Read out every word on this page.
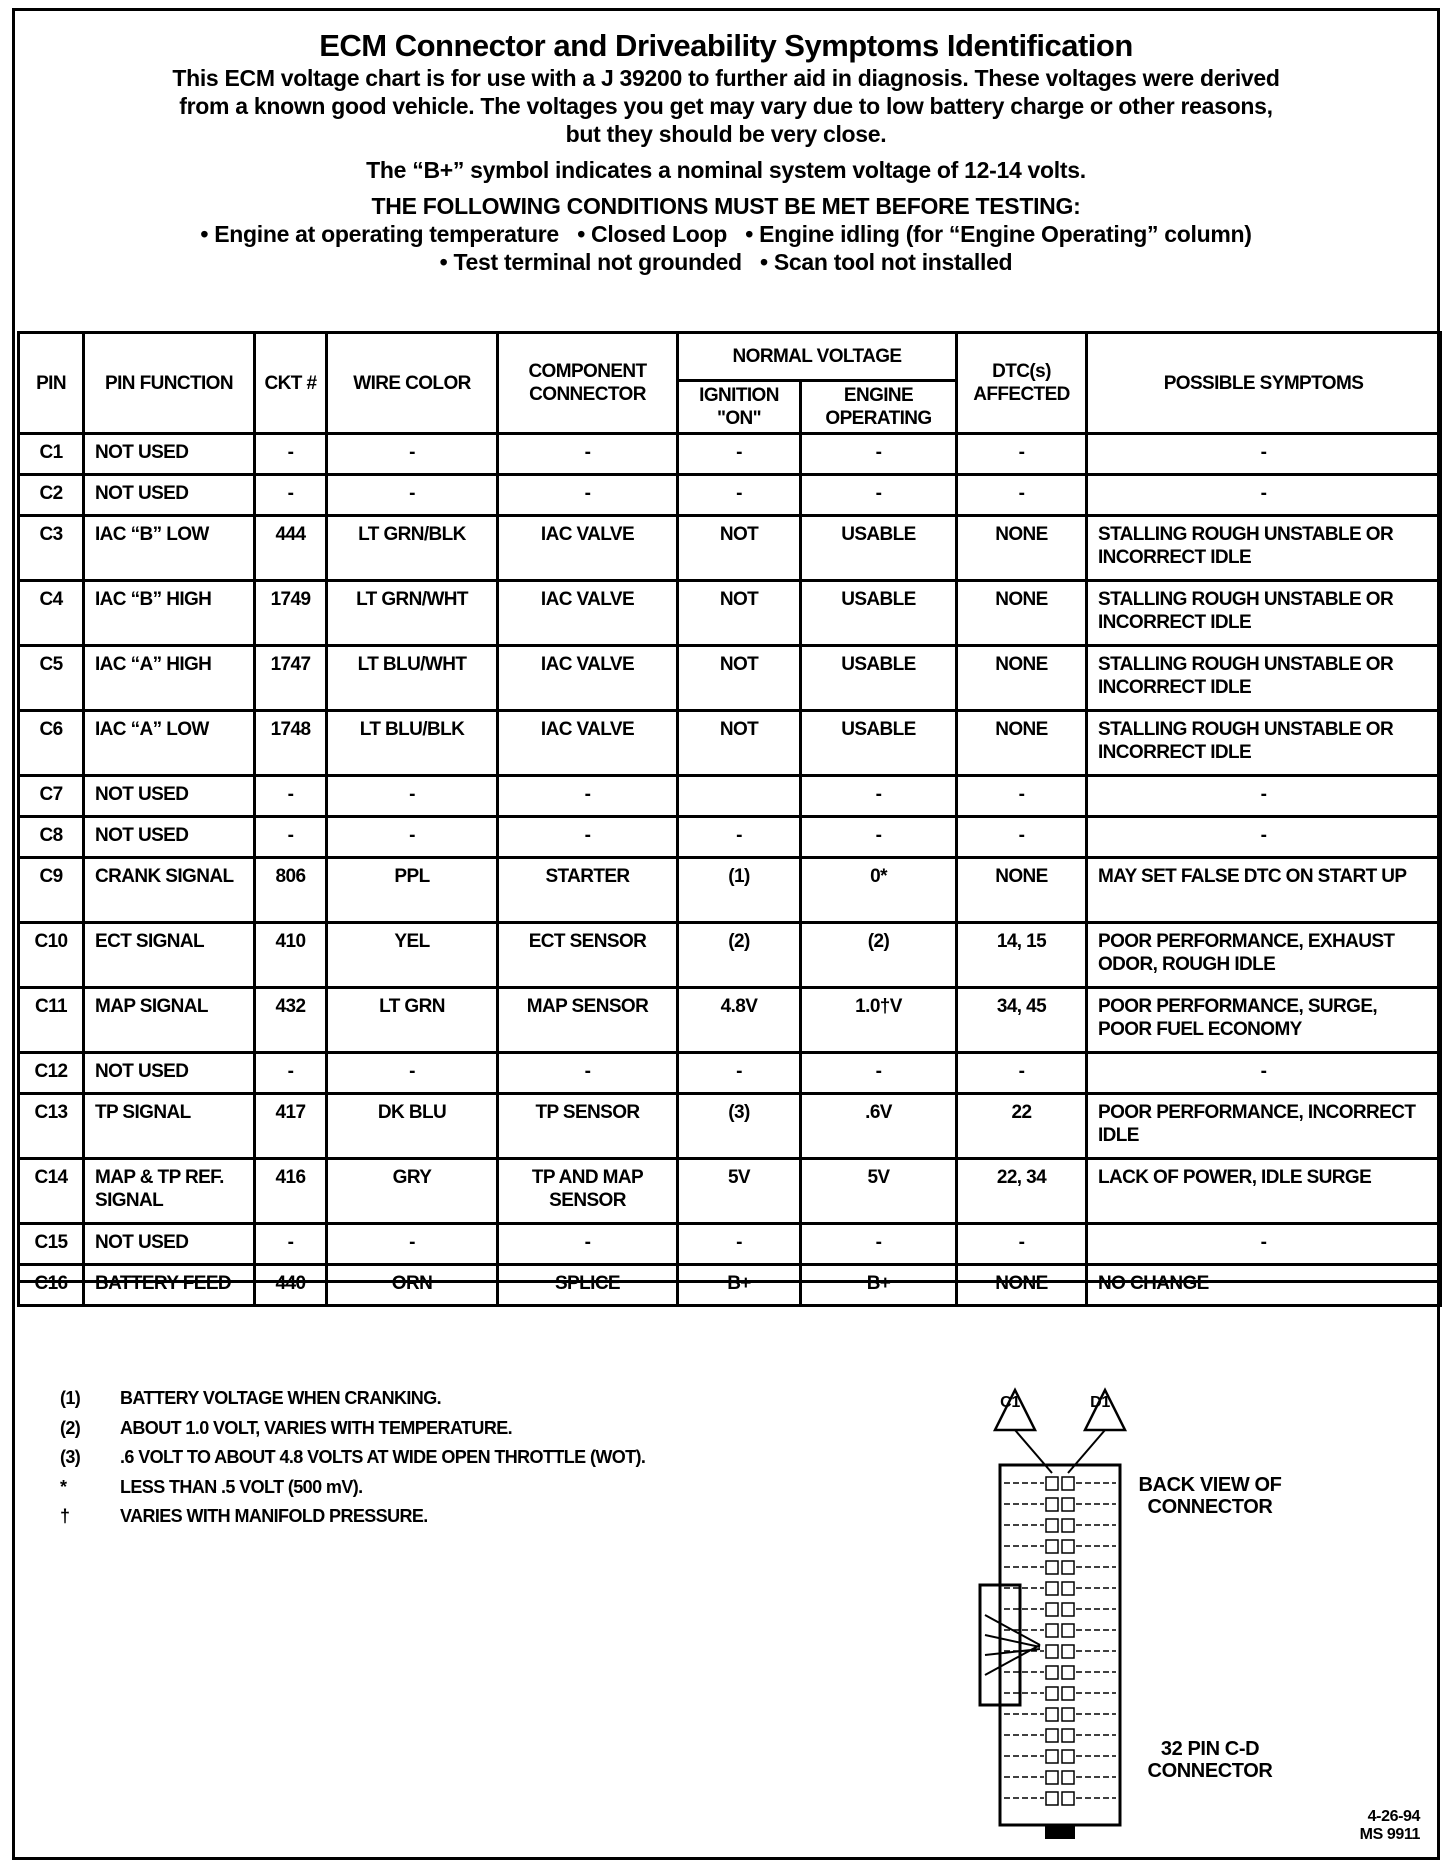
ECM Connector and Driveability Symptoms Identification
This ECM voltage chart is for use with a J 39200 to further aid in diagnosis. These voltages were derived
from a known good vehicle. The voltages you get may vary due to low battery charge or other reasons,
but they should be very close.
The “B+” symbol indicates a nominal system voltage of 12-14 volts.
THE FOLLOWING CONDITIONS MUST BE MET BEFORE TESTING:
• Engine at operating temperature   • Closed Loop   • Engine idling (for “Engine Operating” column)
• Test terminal not grounded   • Scan tool not installed
PIN	PIN FUNCTION	CKT #	WIRE COLOR	COMPONENT CONNECTOR	NORMAL VOLTAGE		DTC(s) AFFECTED	POSSIBLE SYMPTOMS
					IGNITION "ON"	ENGINE OPERATING		
C1	NOT USED	-	-	-	-	-	-	-
C2	NOT USED	-	-	-	-	-	-	-
C3	IAC “B” LOW	444	LT GRN/BLK	IAC VALVE	NOT	USABLE	NONE	STALLING ROUGH UNSTABLE OR INCORRECT IDLE
C4	IAC “B” HIGH	1749	LT GRN/WHT	IAC VALVE	NOT	USABLE	NONE	STALLING ROUGH UNSTABLE OR INCORRECT IDLE
C5	IAC “A” HIGH	1747	LT BLU/WHT	IAC VALVE	NOT	USABLE	NONE	STALLING ROUGH UNSTABLE OR INCORRECT IDLE
C6	IAC “A” LOW	1748	LT BLU/BLK	IAC VALVE	NOT	USABLE	NONE	STALLING ROUGH UNSTABLE OR INCORRECT IDLE
C7	NOT USED	-	-	-		-	-	-
C8	NOT USED	-	-	-	-	-	-	-
C9	CRANK SIGNAL	806	PPL	STARTER	(1)	0*	NONE	MAY SET FALSE DTC ON START UP
C10	ECT SIGNAL	410	YEL	ECT SENSOR	(2)	(2)	14, 15	POOR PERFORMANCE, EXHAUST ODOR, ROUGH IDLE
C11	MAP SIGNAL	432	LT GRN	MAP SENSOR	4.8V	1.0†V	34, 45	POOR PERFORMANCE, SURGE, POOR FUEL ECONOMY
C12	NOT USED	-	-	-	-	-	-	-
C13	TP SIGNAL	417	DK BLU	TP SENSOR	(3)	.6V	22	POOR PERFORMANCE, INCORRECT IDLE
C14	MAP & TP REF. SIGNAL	416	GRY	TP AND MAP SENSOR	5V	5V	22, 34	LACK OF POWER, IDLE SURGE
C15	NOT USED	-	-	-	-	-	-	-
C16	BATTERY FEED	440	ORN	SPLICE	B+	B+	NONE	NO CHANGE
(1) BATTERY VOLTAGE WHEN CRANKING.
(2) ABOUT 1.0 VOLT, VARIES WITH TEMPERATURE.
(3) .6 VOLT TO ABOUT 4.8 VOLTS AT WIDE OPEN THROTTLE (WOT).
*	LESS THAN .5 VOLT (500 mV).
†	VARIES WITH MANIFOLD PRESSURE.
BACK VIEW OF CONNECTOR
32 PIN C-D CONNECTOR
C1	D1
4-26-94
MS 9911
